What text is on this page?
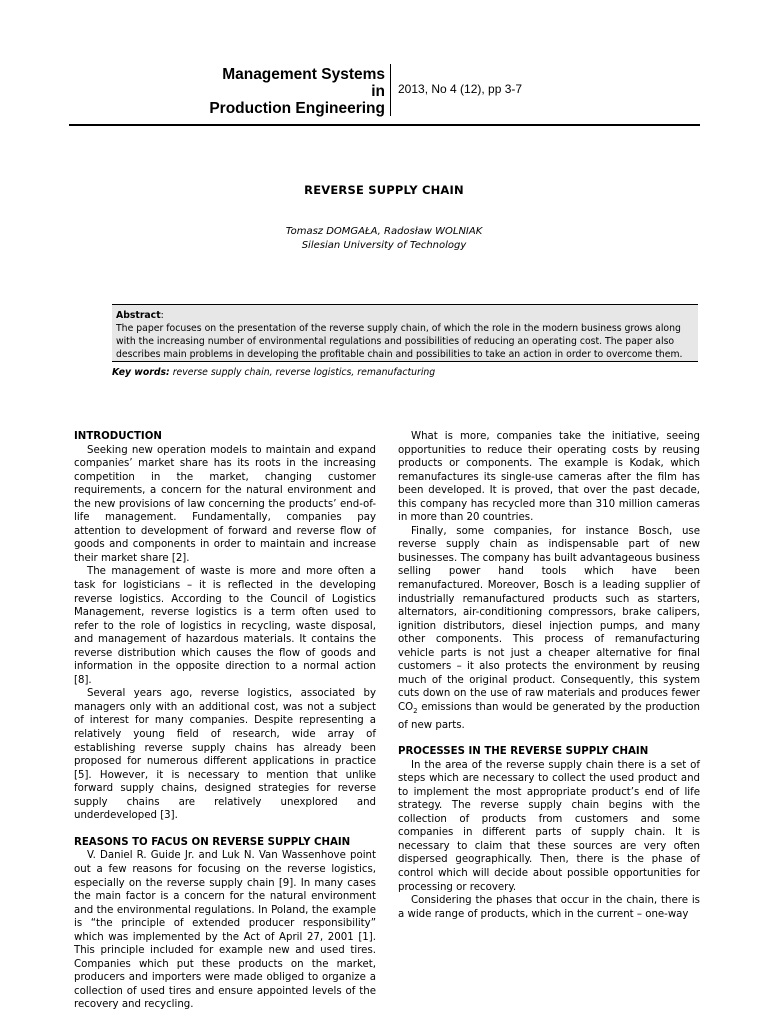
Management Systems
in
Production Engineering
2013, No 4 (12), pp 3-7
REVERSE SUPPLY CHAIN
Tomasz DOMGAŁA, Radosław WOLNIAK
Silesian University of Technology
Abstract:
The paper focuses on the presentation of the reverse supply chain, of which the role in the modern business grows along with the increasing number of environmental regulations and possibilities of reducing an operating cost. The paper also describes main problems in developing the profitable chain and possibilities to take an action in order to overcome them.
Key words: reverse supply chain, reverse logistics, remanufacturing
INTRODUCTION

Seeking new operation models to maintain and expand companies’ market share has its roots in the increasing competition in the market, changing customer requirements, a concern for the natural environment and the new provisions of law concerning the products’ end-of-life management. Fundamentally, companies pay attention to development of forward and reverse flow of goods and components in order to maintain and increase their market share [2].

The management of waste is more and more often a task for logisticians – it is reflected in the developing reverse logistics. According to the Council of Logistics Management, reverse logistics is a term often used to refer to the role of logistics in recycling, waste disposal, and management of hazardous materials. It contains the reverse distribution which causes the flow of goods and information in the opposite direction to a normal action [8].

Several years ago, reverse logistics, associated by managers only with an additional cost, was not a subject of interest for many companies. Despite representing a relatively young field of research, wide array of establishing reverse supply chains has already been proposed for numerous different applications in practice [5]. However, it is necessary to mention that unlike forward supply chains, designed strategies for reverse supply chains are relatively unexplored and underdeveloped [3].

REASONS TO FACUS ON REVERSE SUPPLY CHAIN

V. Daniel R. Guide Jr. and Luk N. Van Wassenhove point out a few reasons for focusing on the reverse logistics, especially on the reverse supply chain [9]. In many cases the main factor is a concern for the natural environment and the environmental regulations. In Poland, the example is “the principle of extended producer responsibility” which was implemented by the Act of April 27, 2001 [1]. This principle included for example new and used tires. Companies which put these products on the market, producers and importers were made obliged to organize a collection of used tires and ensure appointed levels of the recovery and recycling.

What is more, companies take the initiative, seeing opportunities to reduce their operating costs by reusing products or components. The example is Kodak, which remanufactures its single-use cameras after the film has been developed. It is proved, that over the past decade, this company has recycled more than 310 million cameras in more than 20 countries.

Finally, some companies, for instance Bosch, use reverse supply chain as indispensable part of new businesses. The company has built advantageous business selling power hand tools which have been remanufactured. Moreover, Bosch is a leading supplier of industrially remanufactured products such as starters, alternators, air-conditioning compressors, brake calipers, ignition distributors, diesel injection pumps, and many other components. This process of remanufacturing vehicle parts is not just a cheaper alternative for final customers – it also protects the environment by reusing much of the original product. Consequently, this system cuts down on the use of raw materials and produces fewer $CO_2$ emissions than would be generated by the production of new parts.

PROCESSES IN THE REVERSE SUPPLY CHAIN

In the area of the reverse supply chain there is a set of steps which are necessary to collect the used product and to implement the most appropriate product’s end of life strategy. The reverse supply chain begins with the collection of products from customers and some companies in different parts of supply chain. It is necessary to claim that these sources are very often dispersed geographically. Then, there is the phase of control which will decide about possible opportunities for processing or recovery.

Considering the phases that occur in the chain, there is a wide range of products, which in the current – one-way
